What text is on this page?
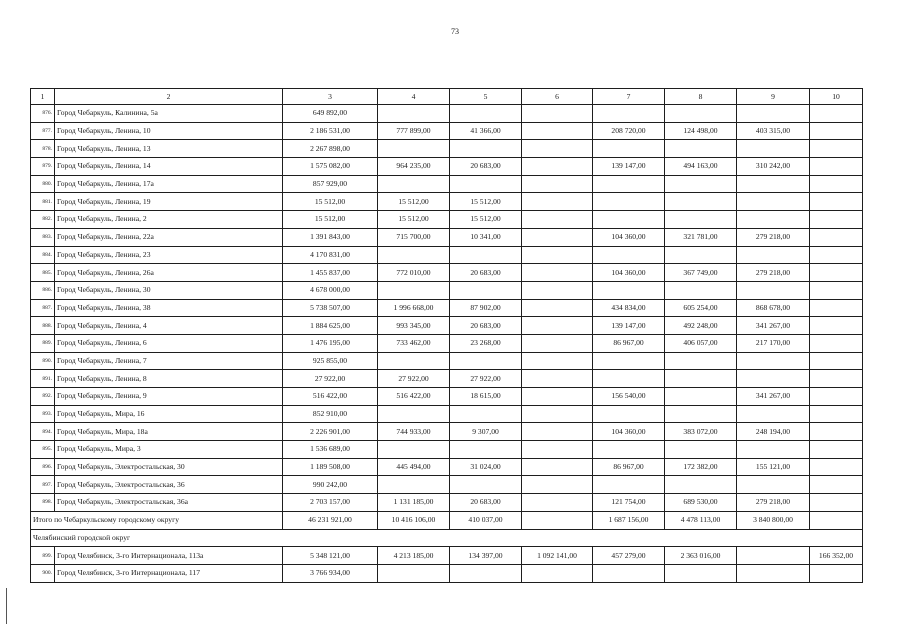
73
1	2	3	4	5	6	7	8	9	10
876.	Город Чебаркуль, Калинина, 5а	649 892,00							
877.	Город Чебаркуль, Ленина, 10	2 186 531,00	777 899,00	41 366,00		208 720,00	124 498,00	403 315,00	
878.	Город Чебаркуль, Ленина, 13	2 267 898,00							
879.	Город Чебаркуль, Ленина, 14	1 575 082,00	964 235,00	20 683,00		139 147,00	494 163,00	310 242,00	
880.	Город Чебаркуль, Ленина, 17а	857 929,00							
881.	Город Чебаркуль, Ленина, 19	15 512,00	15 512,00	15 512,00					
882.	Город Чебаркуль, Ленина, 2	15 512,00	15 512,00	15 512,00					
883.	Город Чебаркуль, Ленина, 22а	1 391 843,00	715 700,00	10 341,00		104 360,00	321 781,00	279 218,00	
884.	Город Чебаркуль, Ленина, 23	4 170 831,00							
885.	Город Чебаркуль, Ленина, 26а	1 455 837,00	772 010,00	20 683,00		104 360,00	367 749,00	279 218,00	
886.	Город Чебаркуль, Ленина, 30	4 678 000,00							
887.	Город Чебаркуль, Ленина, 38	5 738 507,00	1 996 668,00	87 902,00		434 834,00	605 254,00	868 678,00	
888.	Город Чебаркуль, Ленина, 4	1 884 625,00	993 345,00	20 683,00		139 147,00	492 248,00	341 267,00	
889.	Город Чебаркуль, Ленина, 6	1 476 195,00	733 462,00	23 268,00		86 967,00	406 057,00	217 170,00	
890.	Город Чебаркуль, Ленина, 7	925 855,00							
891.	Город Чебаркуль, Ленина, 8	27 922,00	27 922,00	27 922,00					
892.	Город Чебаркуль, Ленина, 9	516 422,00	516 422,00	18 615,00		156 540,00		341 267,00	
893.	Город Чебаркуль, Мира, 16	852 910,00							
894.	Город Чебаркуль, Мира, 18а	2 226 901,00	744 933,00	9 307,00		104 360,00	383 072,00	248 194,00	
895.	Город Чебаркуль, Мира, 3	1 536 689,00							
896.	Город Чебаркуль, Электростальская, 30	1 189 508,00	445 494,00	31 024,00		86 967,00	172 382,00	155 121,00	
897.	Город Чебаркуль, Электростальская, 36	990 242,00							
898.	Город Чебаркуль, Электростальская, 36а	2 703 157,00	1 131 185,00	20 683,00		121 754,00	689 530,00	279 218,00	
Итого по Чебаркульскому городскому округу		46 231 921,00	10 416 106,00	410 037,00		1 687 156,00	4 478 113,00	3 840 800,00	
Челябинский городской округ									
899.	Город Челябинск, 3-го Интернационала, 113а	5 348 121,00	4 213 185,00	134 397,00	1 092 141,00	457 279,00	2 363 016,00		166 352,00
900.	Город Челябинск, 3-го Интернационала, 117	3 766 934,00							
